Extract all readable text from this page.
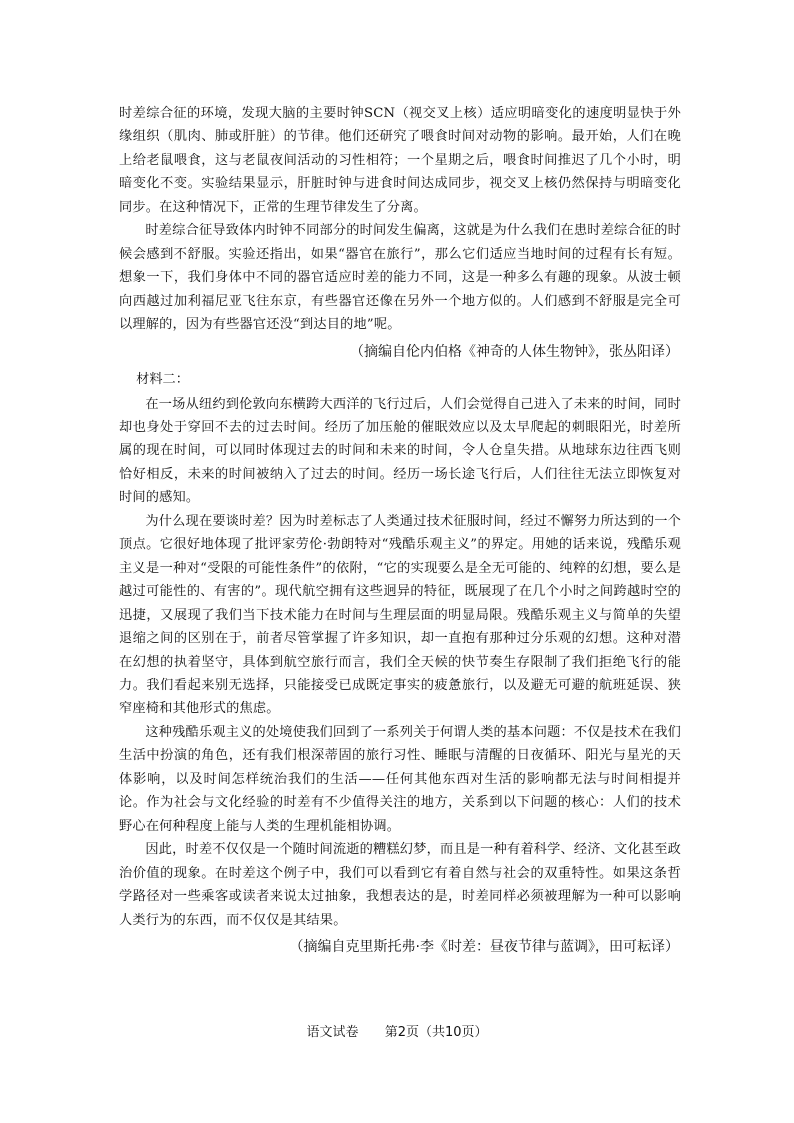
时差综合征的环境，发现大脑的主要时钟SCN（视交叉上核）适应明暗变化的速度明显快于外缘组织（肌肉、肺或肝脏）的节律。他们还研究了喂食时间对动物的影响。最开始，人们在晚上给老鼠喂食，这与老鼠夜间活动的习性相符；一个星期之后，喂食时间推迟了几个小时，明暗变化不变。实验结果显示，肝脏时钟与进食时间达成同步，视交叉上核仍然保持与明暗变化同步。在这种情况下，正常的生理节律发生了分离。

时差综合征导致体内时钟不同部分的时间发生偏离，这就是为什么我们在患时差综合征的时候会感到不舒服。实验还指出，如果“器官在旅行”，那么它们适应当地时间的过程有长有短。想象一下，我们身体中不同的器官适应时差的能力不同，这是一种多么有趣的现象。从波士顿向西越过加利福尼亚飞往东京，有些器官还像在另外一个地方似的。人们感到不舒服是完全可以理解的，因为有些器官还没“到达目的地”呢。

（摘编自伦内伯格《神奇的人体生物钟》，张丛阳译）

材料二：

在一场从纽约到伦敦向东横跨大西洋的飞行过后，人们会觉得自己进入了未来的时间，同时却也身处于穿回不去的过去时间。经历了加压舱的催眠效应以及太早爬起的刺眼阳光，时差所属的现在时间，可以同时体现过去的时间和未来的时间，令人仓皇失措。从地球东边往西飞则恰好相反，未来的时间被纳入了过去的时间。经历一场长途飞行后，人们往往无法立即恢复对时间的感知。

为什么现在要谈时差？因为时差标志了人类通过技术征服时间，经过不懈努力所达到的一个顶点。它很好地体现了批评家劳伦·勃朗特对“残酷乐观主义”的界定。用她的话来说，残酷乐观主义是一种对“受限的可能性条件”的依附，“它的实现要么是全无可能的、纯粹的幻想，要么是越过可能性的、有害的”。现代航空拥有这些迥异的特征，既展现了在几个小时之间跨越时空的迅捷，又展现了我们当下技术能力在时间与生理层面的明显局限。残酷乐观主义与简单的失望退缩之间的区别在于，前者尽管掌握了许多知识，却一直抱有那种过分乐观的幻想。这种对潜在幻想的执着坚守，具体到航空旅行而言，我们全天候的快节奏生存限制了我们拒绝飞行的能力。我们看起来别无选择，只能接受已成既定事实的疲惫旅行，以及避无可避的航班延误、狭窄座椅和其他形式的焦虑。

这种残酷乐观主义的处境使我们回到了一系列关于何谓人类的基本问题：不仅是技术在我们生活中扮演的角色，还有我们根深蒂固的旅行习性、睡眠与清醒的日夜循环、阳光与星光的天体影响，以及时间怎样统治我们的生活——任何其他东西对生活的影响都无法与时间相提并论。作为社会与文化经验的时差有不少值得关注的地方，关系到以下问题的核心：人们的技术野心在何种程度上能与人类的生理机能相协调。

因此，时差不仅仅是一个随时间流逝的糟糕幻梦，而且是一种有着科学、经济、文化甚至政治价值的现象。在时差这个例子中，我们可以看到它有着自然与社会的双重特性。如果这条哲学路径对一些乘客或读者来说太过抽象，我想表达的是，时差同样必须被理解为一种可以影响人类行为的东西，而不仅仅是其结果。

（摘编自克里斯托弗·李《时差：昼夜节律与蓝调》，田可耘译）

语文试卷 第2页（共10页）
